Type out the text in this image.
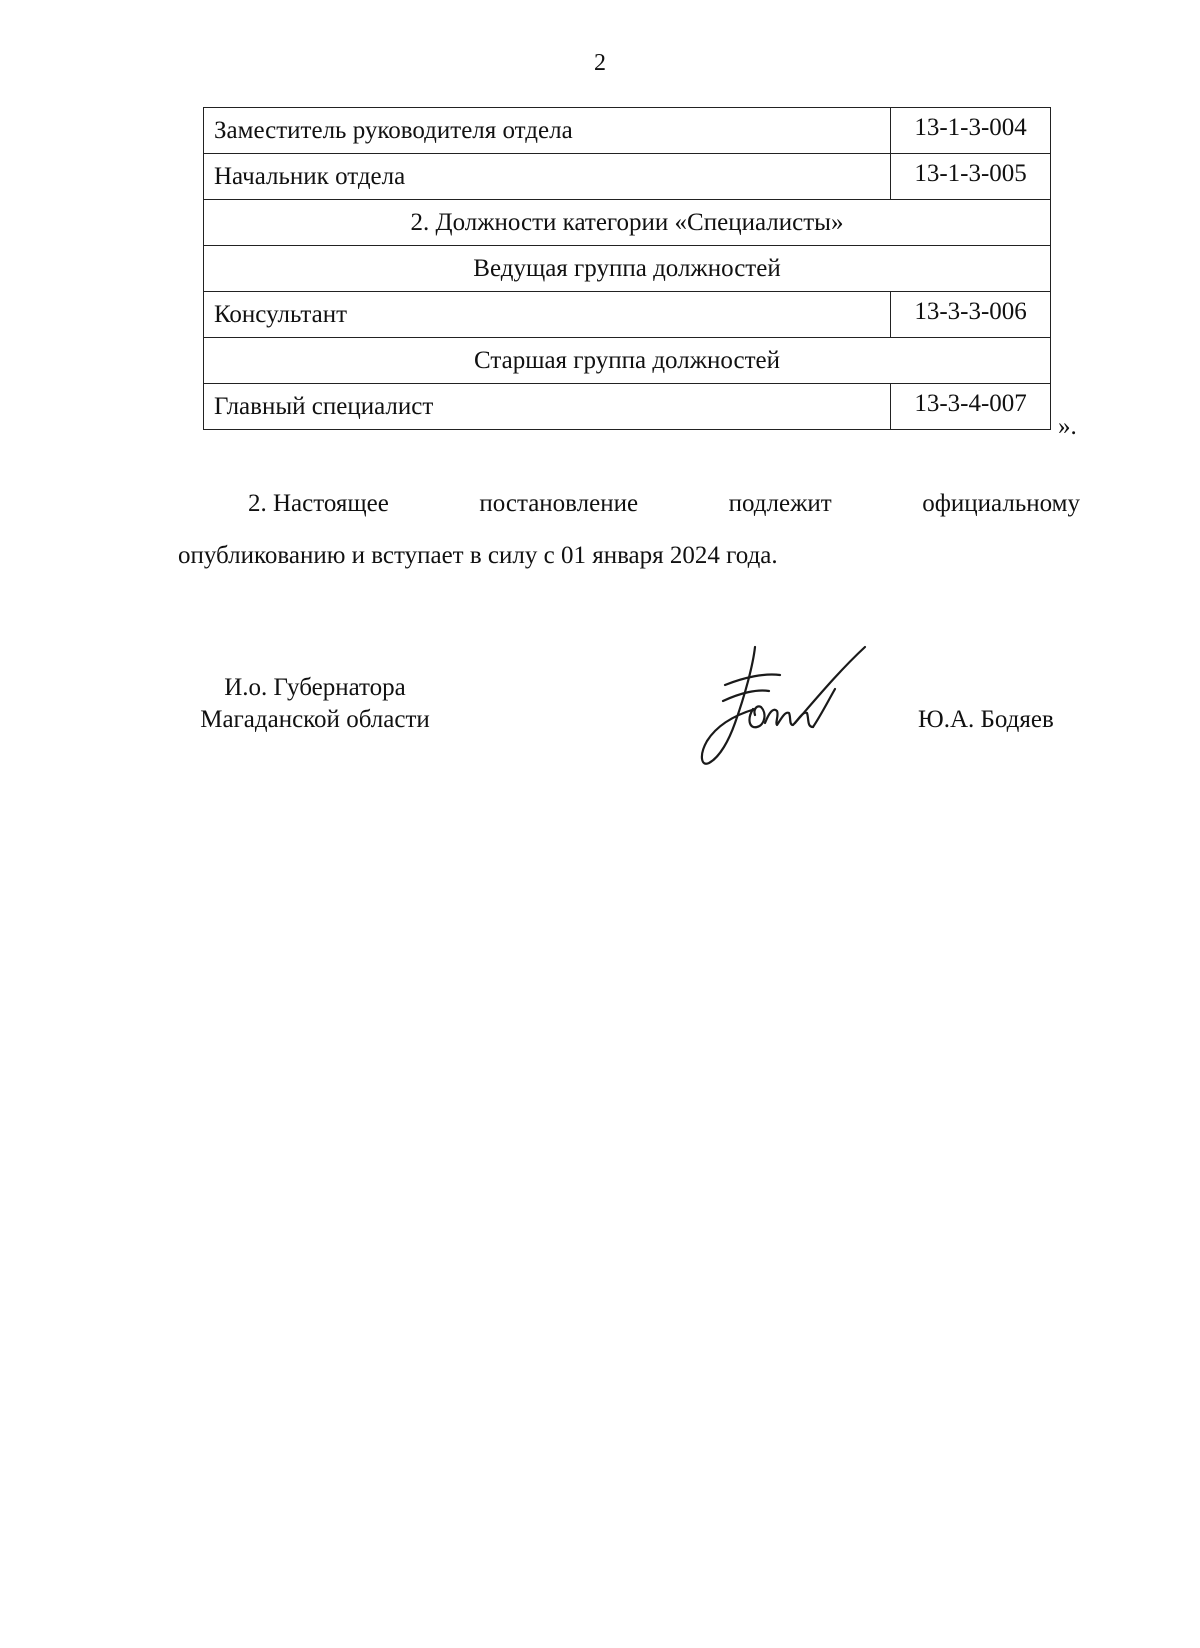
2
Заместитель руководителя отдела	13-1-3-004
Начальник отдела	13-1-3-005
2. Должности категории «Специалисты»	
Ведущая группа должностей	
Консультант	13-3-3-006
Старшая группа должностей	
Главный специалист	13-3-4-007
».
2. Настоящее	постановление	подлежит	официальному
опубликованию и вступает в силу с 01 января 2024 года.
И.о. Губернатора
Магаданской области	Ю.А. Бодяев
